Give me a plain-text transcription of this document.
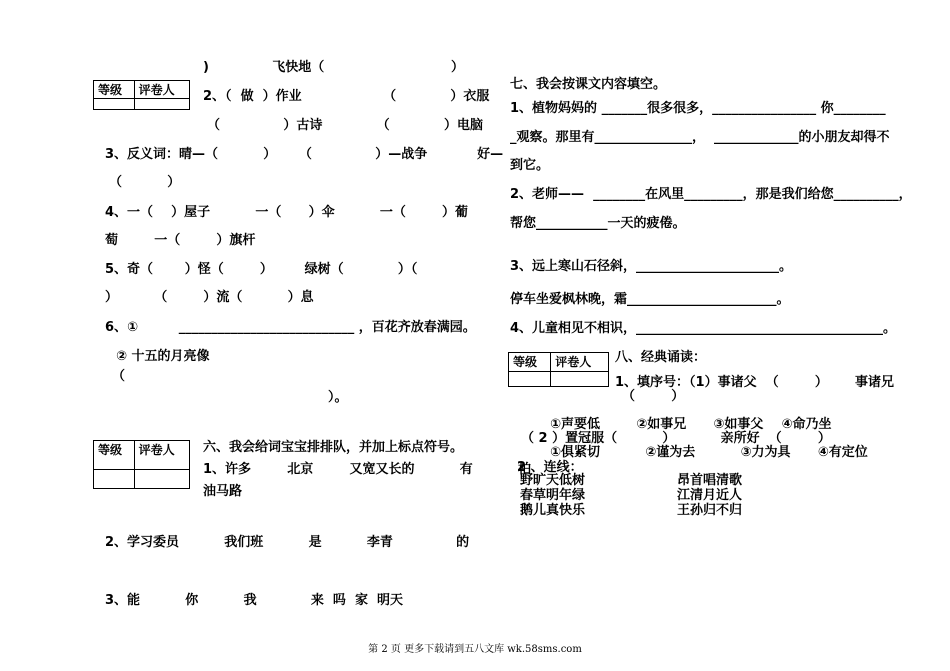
等级	评卷人

等级	评卷人

等级	评卷人

)              飞快地（                            ）
2、（  做  ）作业                  （            ）衣服
（              ）古诗            （            ）电脑
3、反义词：晴—（          ）     （              ）—战争           好—
（          ）
4、一（    ）屋子          一（      ）伞          一（        ）葡
萄        一（        ）旗杆
5、奇（       ）怪（        ）       绿树（            ）（
）        （        ）流（          ）息
6、①         ___________________________ ，百花齐放春满园。
② 十五的月亮像
（
）。
六、我会给词宝宝排排队，并加上标点符号。
1、许多        北京        又宽又长的          有          柏
油马路
2、学习委员          我们班          是          李青              的
3、能          你          我            来  吗  家  明天
七、我会按课文内容填空。
1、植物妈妈的 _______很多很多，________________ 你________
_观察。那里有_______________，  _____________的小朋友却得不
到它。
2、老师——  ________在风里_________，那是我们给您__________，
帮您___________一天的疲倦。
3、远上寒山石径斜，______________________。
停车坐爱枫林晚，霜_______________________。
4、儿童相见不相识，______________________________________。
八、经典诵读：
1、填序号：（1）事诸父  （        ）      事诸兄
（        ）
①声要低        ②如事兄      ③如事父    ④命乃坐
（ 2 ）置冠服（          ）          亲所好  （        ）
①俱紧切          ②谨为去          ③力为具      ④有定位
2 、连线：
野旷天低树	昂首唱清歌
春草明年绿	江清月近人
鹅儿真快乐	王孙归不归
第 2 页 更多下载请到五八文库 wk.58sms.com
